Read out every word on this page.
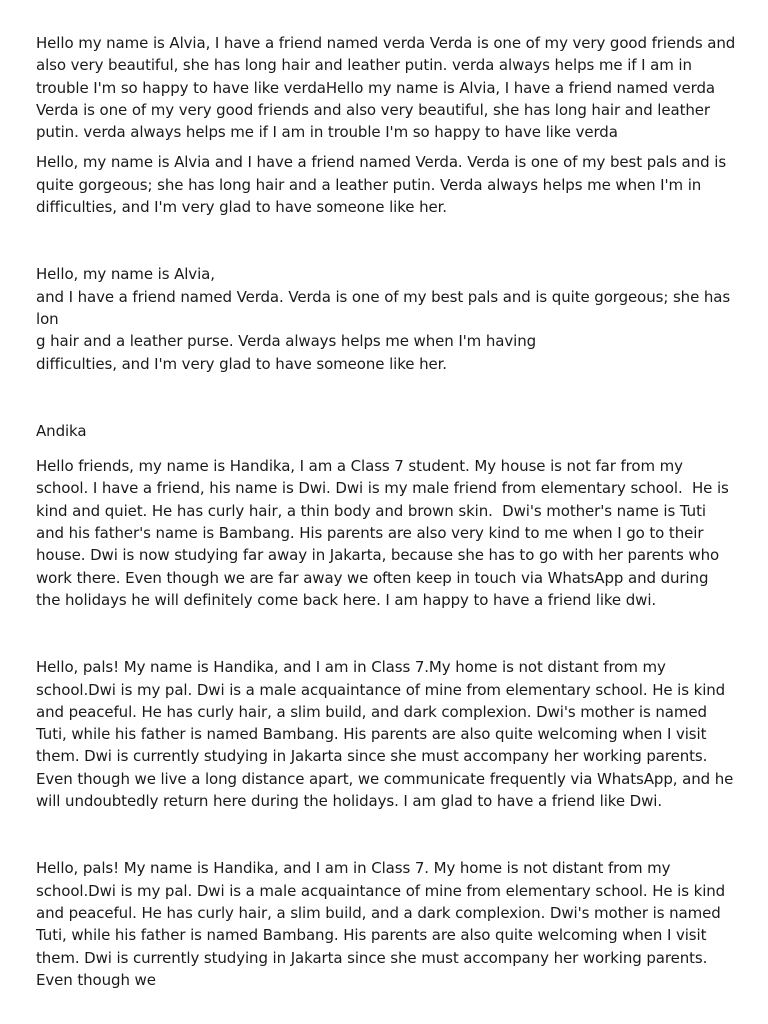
Hello my name is Alvia, I have a friend named verda Verda is one of my very good friends and also very beautiful, she has long hair and leather putin. verda always helps me if I am in trouble I'm so happy to have like verdaHello my name is Alvia, I have a friend named verda Verda is one of my very good friends and also very beautiful, she has long hair and leather putin. verda always helps me if I am in trouble I'm so happy to have like verda

Hello, my name is Alvia and I have a friend named Verda. Verda is one of my best pals and is quite gorgeous; she has long hair and a leather putin. Verda always helps me when I'm in difficulties, and I'm very glad to have someone like her.

Hello, my name is Alvia,
and I have a friend named Verda. Verda is one of my best pals and is quite gorgeous; she has lon
g hair and a leather purse. Verda always helps me when I'm having
difficulties, and I'm very glad to have someone like her.

Andika

Hello friends, my name is Handika, I am a Class 7 student. My house is not far from my school. I have a friend, his name is Dwi. Dwi is my male friend from elementary school.  He is kind and quiet. He has curly hair, a thin body and brown skin.  Dwi's mother's name is Tuti and his father's name is Bambang. His parents are also very kind to me when I go to their house. Dwi is now studying far away in Jakarta, because she has to go with her parents who work there. Even though we are far away we often keep in touch via WhatsApp and during the holidays he will definitely come back here. I am happy to have a friend like dwi.

Hello, pals! My name is Handika, and I am in Class 7.My home is not distant from my school.Dwi is my pal. Dwi is a male acquaintance of mine from elementary school. He is kind and peaceful. He has curly hair, a slim build, and dark complexion. Dwi's mother is named Tuti, while his father is named Bambang. His parents are also quite welcoming when I visit them. Dwi is currently studying in Jakarta since she must accompany her working parents. Even though we live a long distance apart, we communicate frequently via WhatsApp, and he will undoubtedly return here during the holidays. I am glad to have a friend like Dwi.

Hello, pals! My name is Handika, and I am in Class 7. My home is not distant from my school.Dwi is my pal. Dwi is a male acquaintance of mine from elementary school. He is kind and peaceful. He has curly hair, a slim build, and a dark complexion. Dwi's mother is named Tuti, while his father is named Bambang. His parents are also quite welcoming when I visit them. Dwi is currently studying in Jakarta since she must accompany her working parents. Even though we
